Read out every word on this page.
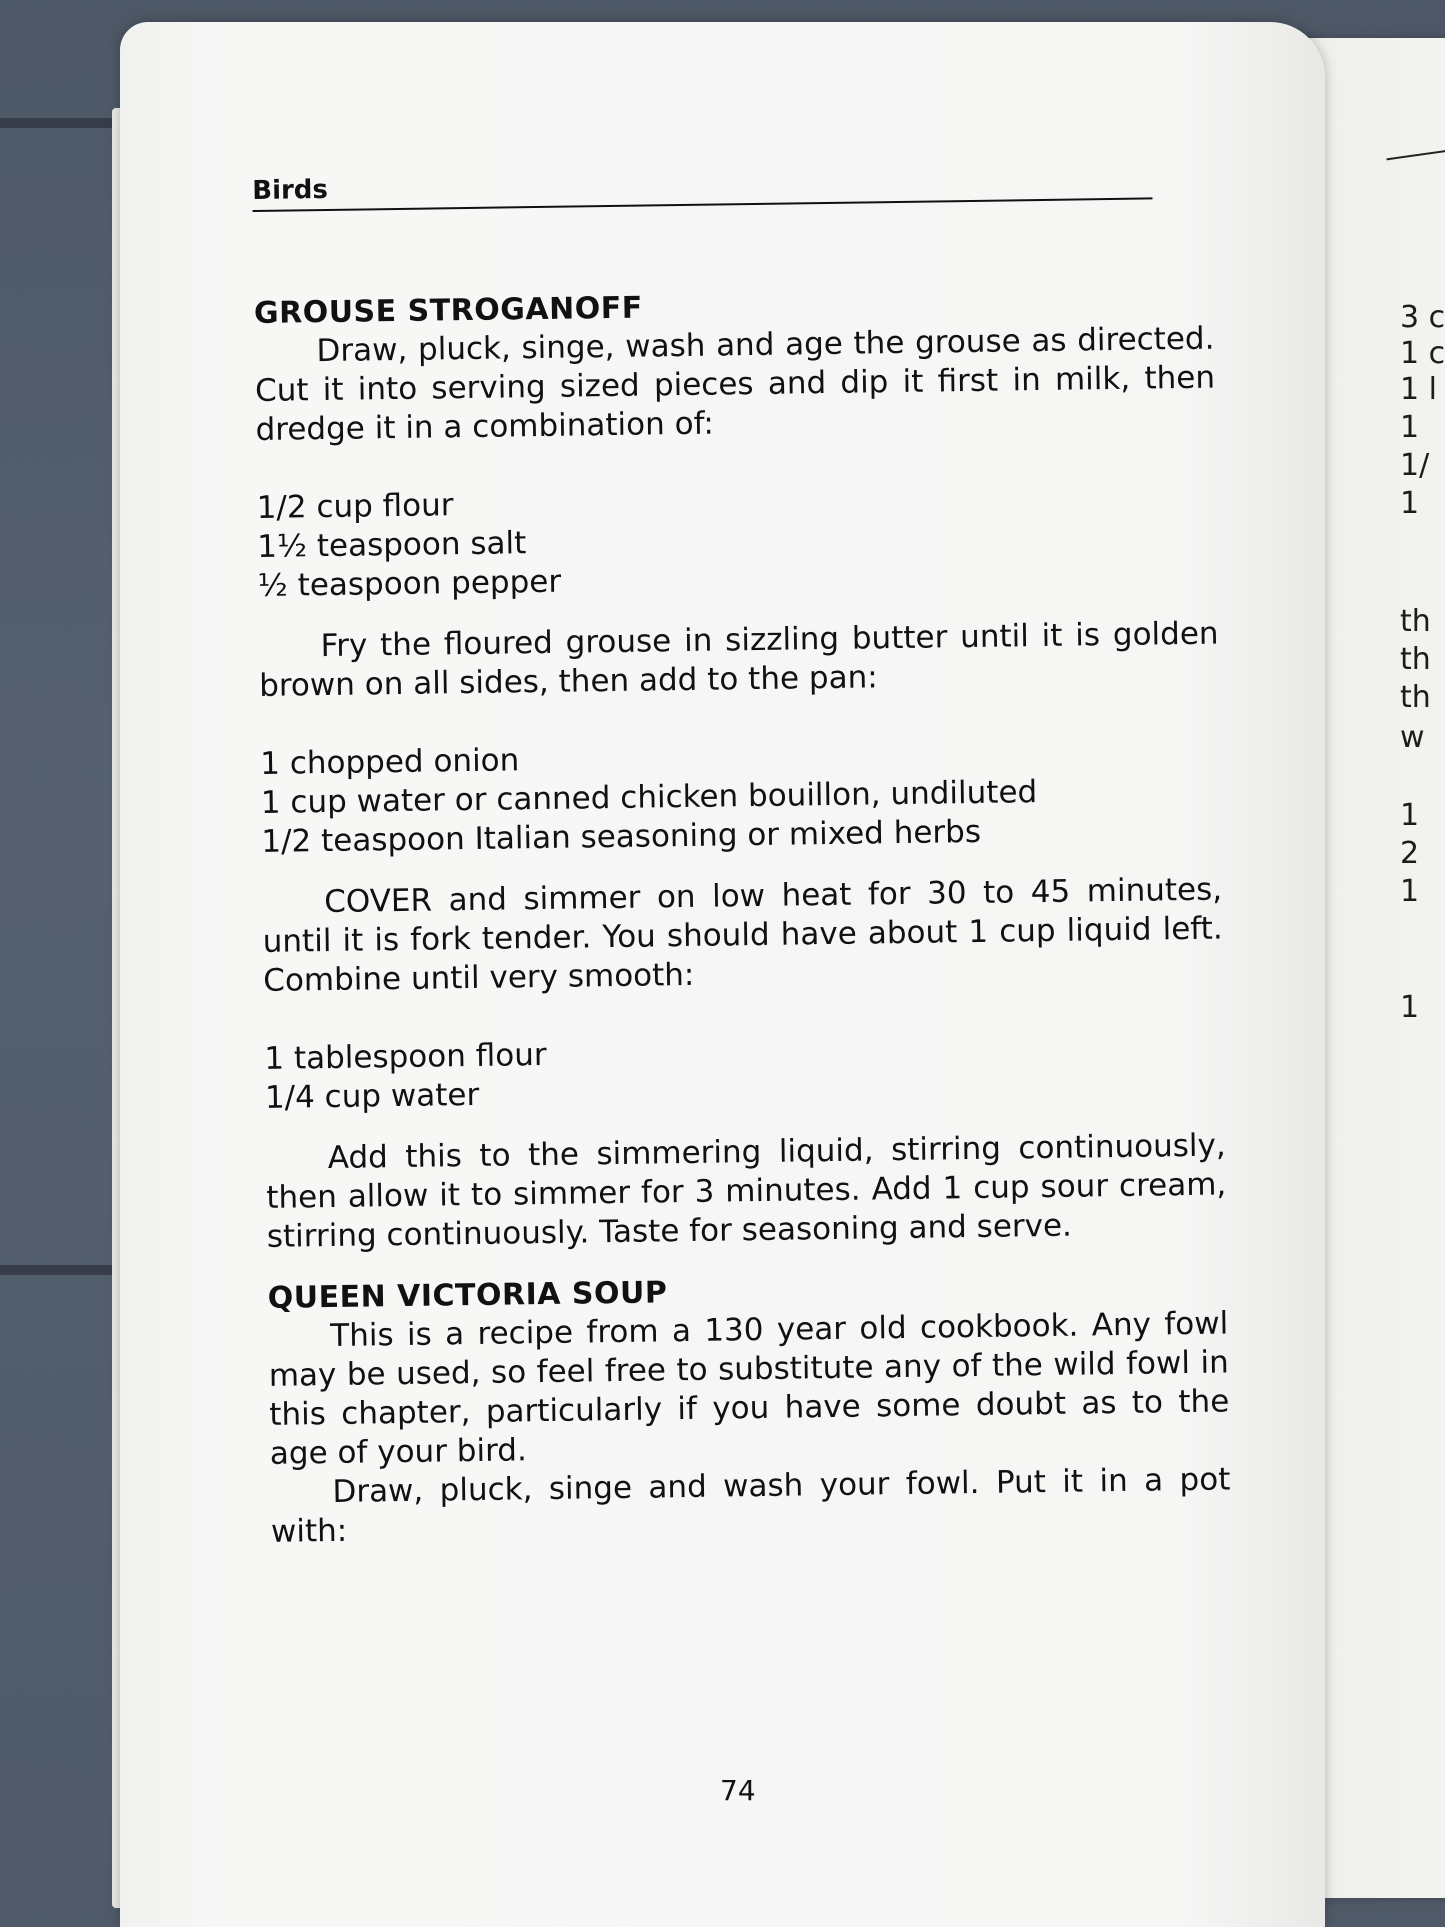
3 c

1 c

1 l

1

1/

1

th

th

th

w

1

2

1

1

Birds
GROUSE STROGANOFF

Draw, pluck, singe, wash and age the grouse as directed. Cut it into serving sized pieces and dip it first in milk, then dredge it in a combination of:

1/2 cup flour
1½ teaspoon salt
½ teaspoon pepper

Fry the floured grouse in sizzling butter until it is golden brown on all sides, then add to the pan:

1 chopped onion
1 cup water or canned chicken bouillon, undiluted
1/2 teaspoon Italian seasoning or mixed herbs

COVER and simmer on low heat for 30 to 45 minutes, until it is fork tender. You should have about 1 cup liquid left. Combine until very smooth:

1 tablespoon flour
1/4 cup water

Add this to the simmering liquid, stirring continuously, then allow it to simmer for 3 minutes. Add 1 cup sour cream, stirring continuously. Taste for seasoning and serve.

QUEEN VICTORIA SOUP

This is a recipe from a 130 year old cookbook. Any fowl may be used, so feel free to substitute any of the wild fowl in this chapter, particularly if you have some doubt as to the age of your bird.

Draw, pluck, singe and wash your fowl. Put it in a pot with:

74
